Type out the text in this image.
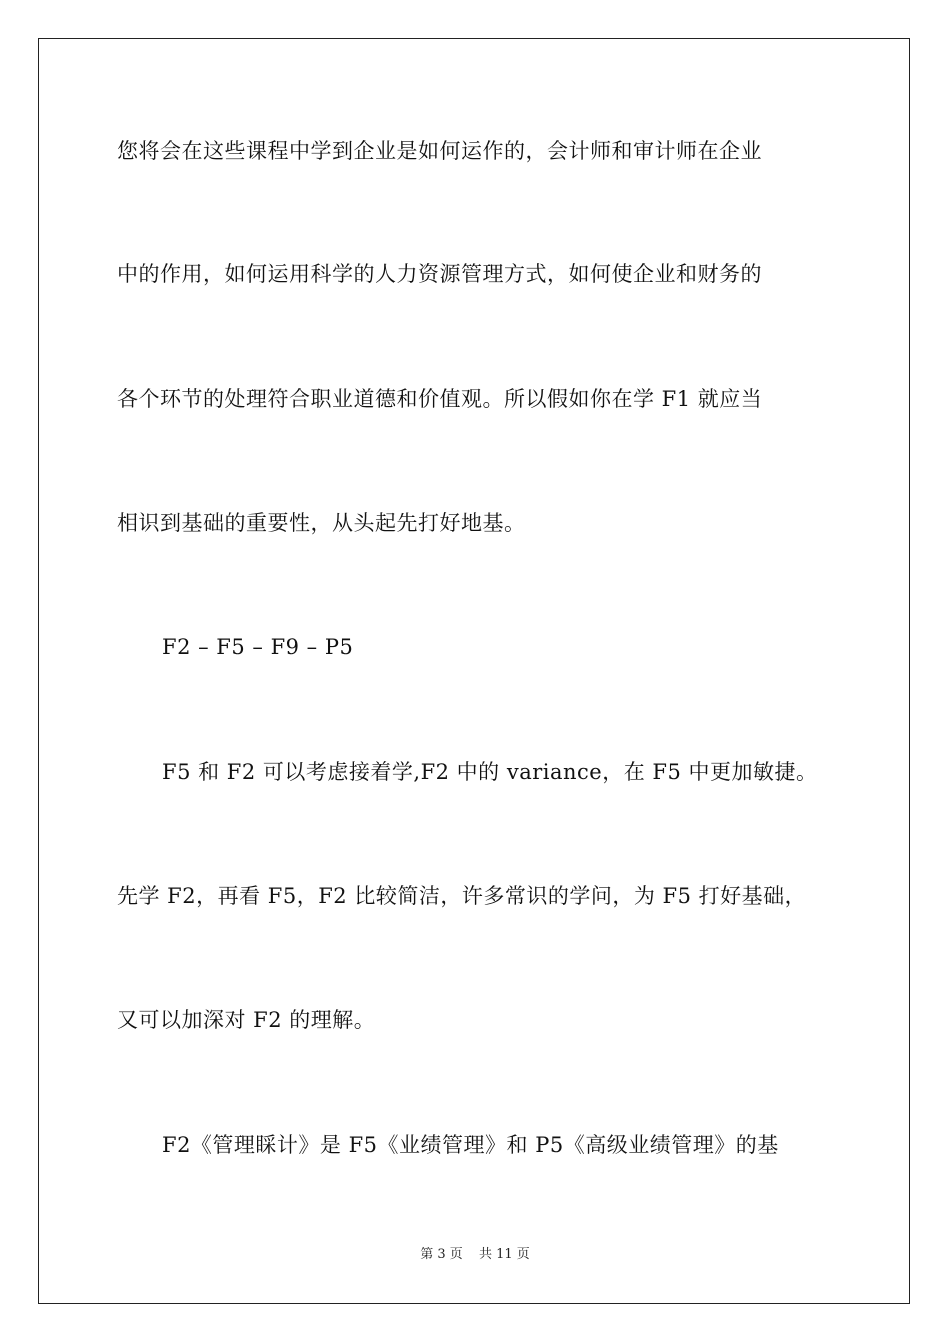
您将会在这些课程中学到企业是如何运作的，会计师和审计师在企业
中的作用，如何运用科学的人力资源管理方式，如何使企业和财务的
各个环节的处理符合职业道德和价值观。所以假如你在学 F1 就应当
相识到基础的重要性，从头起先打好地基。
F2 – F5 – F9 – P5
F5 和 F2 可以考虑接着学,F2 中的 variance，在 F5 中更加敏捷。
先学 F2，再看 F5，F2 比较简洁，许多常识的学问，为 F5 打好基础，
又可以加深对 F2 的理解。
F2《管理睬计》是 F5《业绩管理》和 P5《高级业绩管理》的基
第 3 页 共 11 页
